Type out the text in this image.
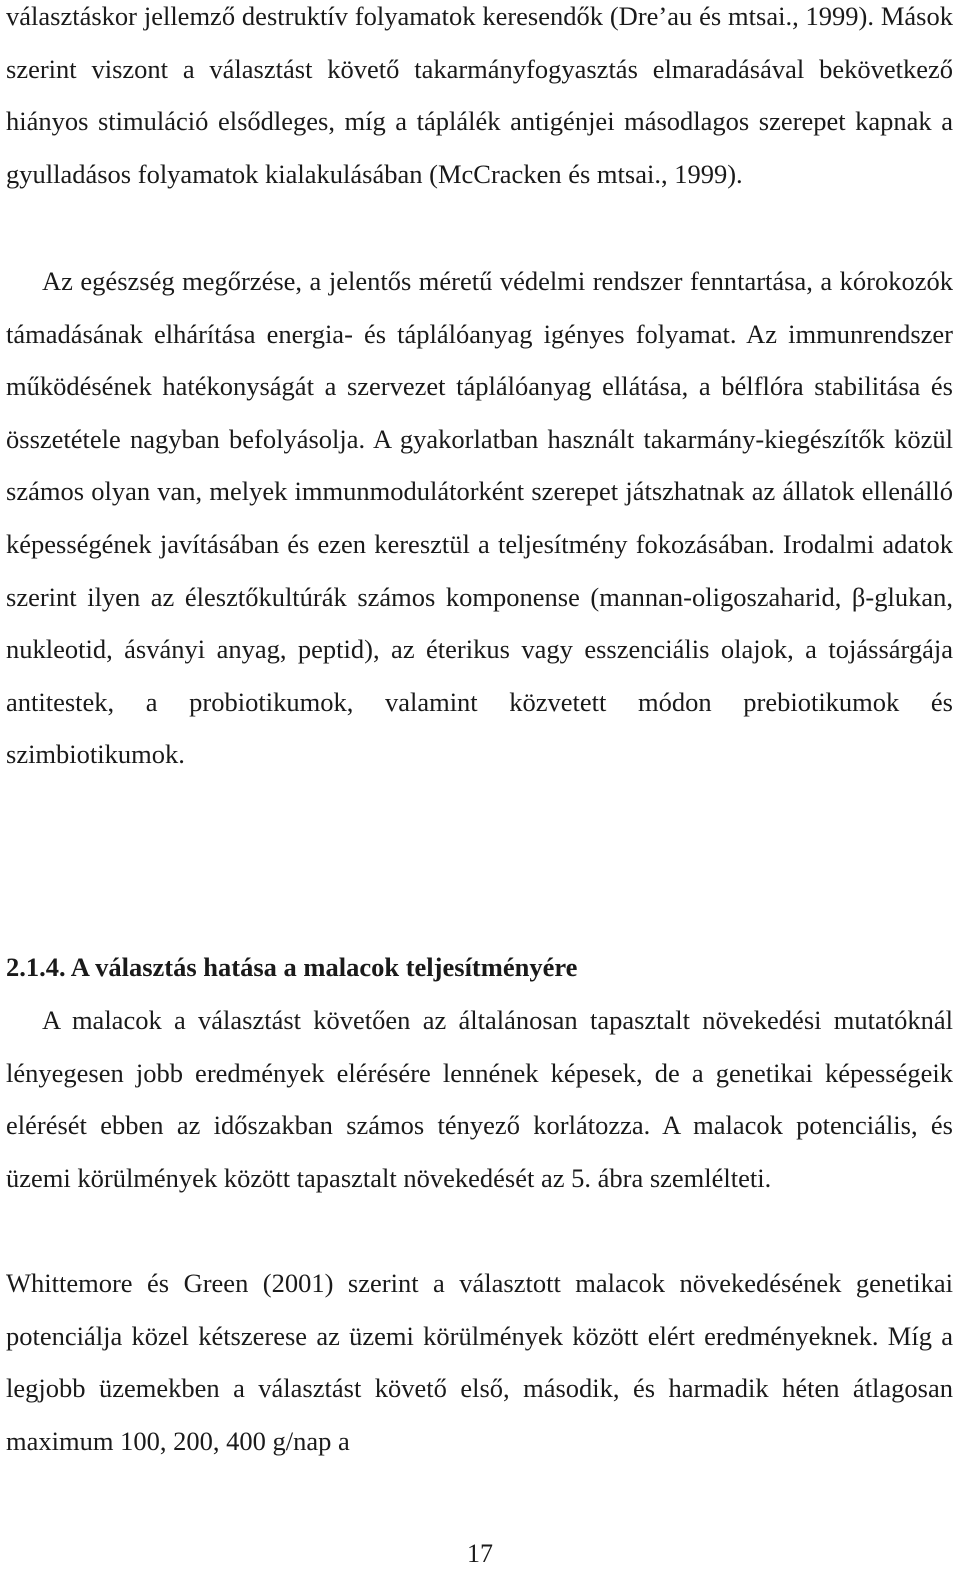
választáskor jellemző destruktív folyamatok keresendők (Dre’au és mtsai., 1999). Mások szerint viszont a választást követő takarmányfogyasztás elmaradásával bekövetkező hiányos stimuláció elsődleges, míg a táplálék antigénjei másodlagos szerepet kapnak a gyulladásos folyamatok kialakulásában (McCracken és mtsai., 1999).

Az egészség megőrzése, a jelentős méretű védelmi rendszer fenntartása, a kórokozók támadásának elhárítása energia- és táplálóanyag igényes folyamat. Az immunrendszer működésének hatékonyságát a szervezet táplálóanyag ellátása, a bélflóra stabilitása és összetétele nagyban befolyásolja. A gyakorlatban használt takarmány-kiegészítők közül számos olyan van, melyek immunmodulátorként szerepet játszhatnak az állatok ellenálló képességének javításában és ezen keresztül a teljesítmény fokozásában. Irodalmi adatok szerint ilyen az élesztőkultúrák számos komponense (mannan-oligoszaharid, β-glukan, nukleotid, ásványi anyag, peptid), az éterikus vagy esszenciális olajok, a tojássárgája antitestek, a probiotikumok, valamint közvetett módon prebiotikumok és szimbiotikumok.

2.1.4. A választás hatása a malacok teljesítményére

A malacok a választást követően az általánosan tapasztalt növekedési mutatóknál lényegesen jobb eredmények elérésére lennének képesek, de a genetikai képességeik elérését ebben az időszakban számos tényező korlátozza. A malacok potenciális, és üzemi körülmények között tapasztalt növekedését az 5. ábra szemlélteti.

Whittemore és Green (2001) szerint a választott malacok növekedésének genetikai potenciálja közel kétszerese az üzemi körülmények között elért eredményeknek. Míg a legjobb üzemekben a választást követő első, második, és harmadik héten átlagosan maximum 100, 200, 400 g/nap a

17
